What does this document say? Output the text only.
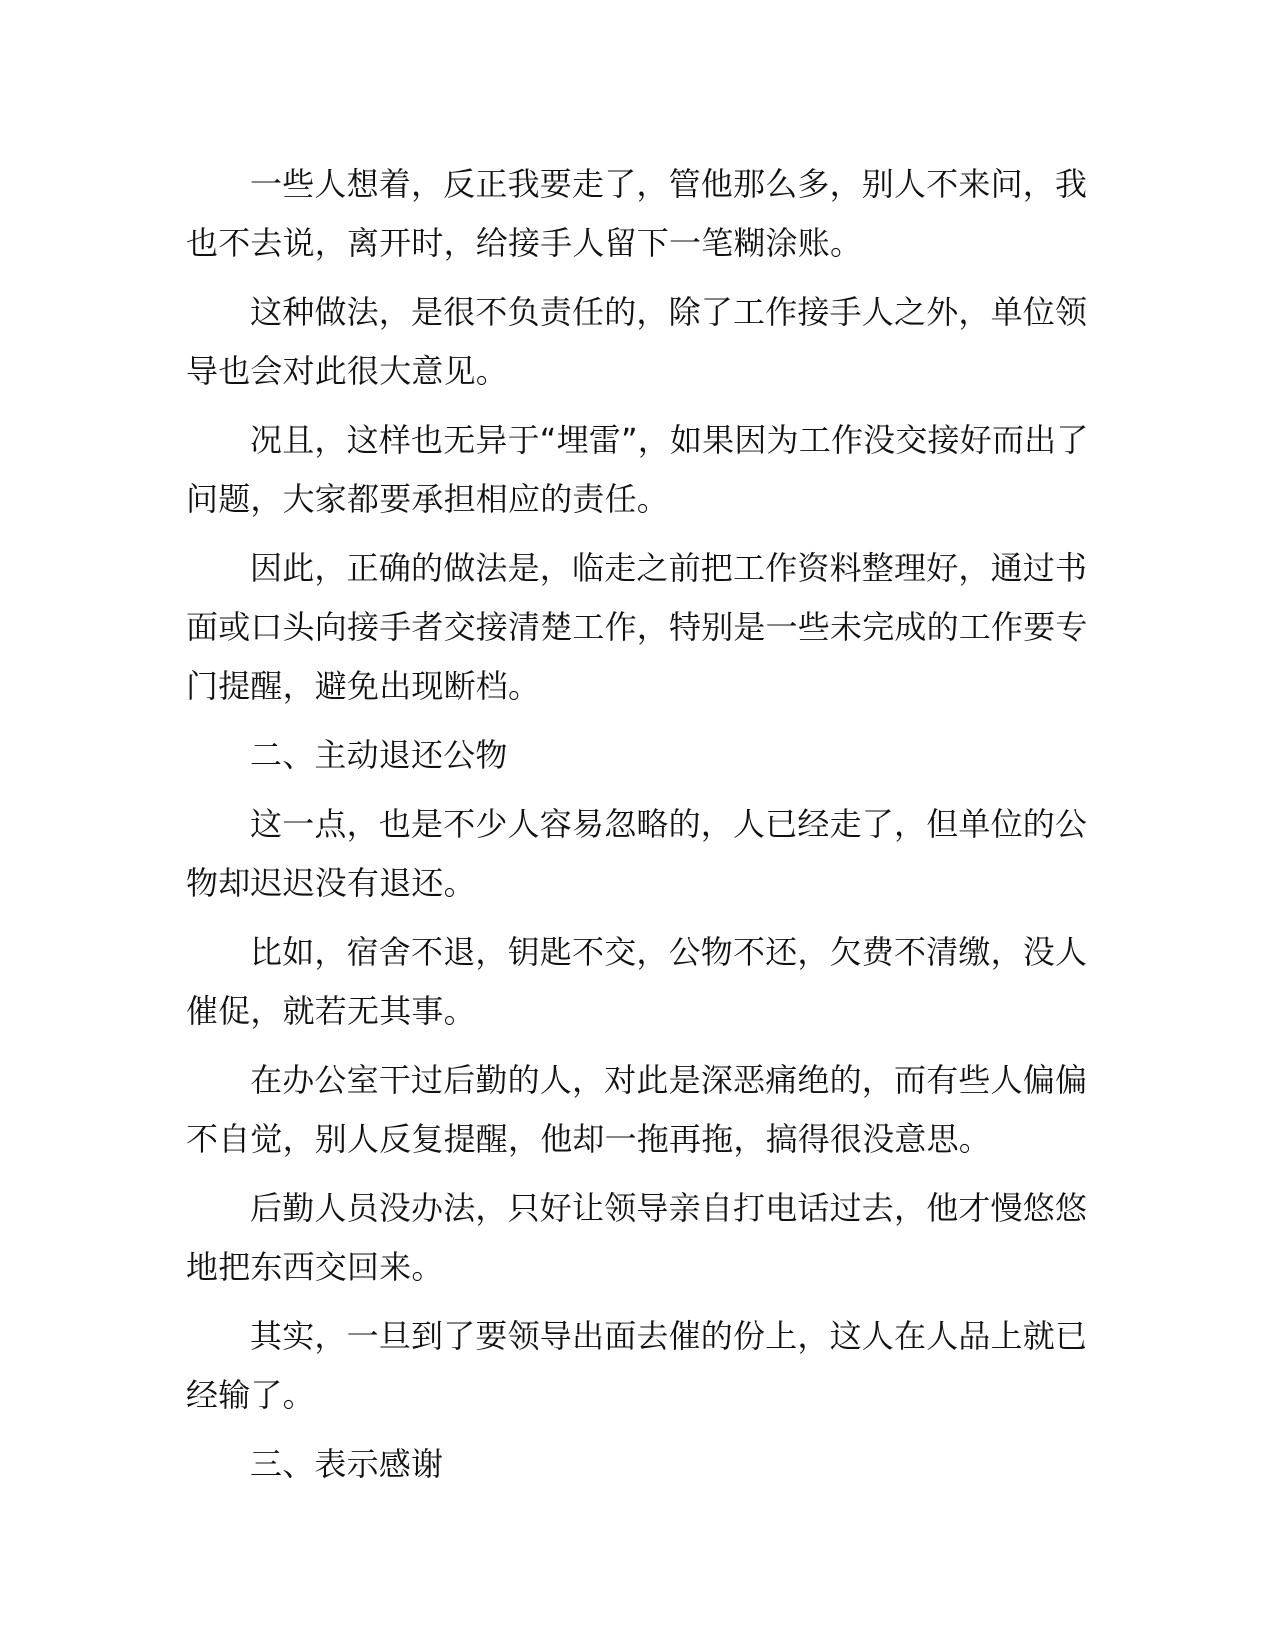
一些人想着，反正我要走了，管他那么多，别人不来问，我也不去说，离开时，给接手人留下一笔糊涂账。

这种做法，是很不负责任的，除了工作接手人之外，单位领导也会对此很大意见。

况且，这样也无异于“埋雷”，如果因为工作没交接好而出了问题，大家都要承担相应的责任。

因此，正确的做法是，临走之前把工作资料整理好，通过书面或口头向接手者交接清楚工作，特别是一些未完成的工作要专门提醒，避免出现断档。

二、主动退还公物

这一点，也是不少人容易忽略的，人已经走了，但单位的公物却迟迟没有退还。

比如，宿舍不退，钥匙不交，公物不还，欠费不清缴，没人催促，就若无其事。

在办公室干过后勤的人，对此是深恶痛绝的，而有些人偏偏不自觉，别人反复提醒，他却一拖再拖，搞得很没意思。

后勤人员没办法，只好让领导亲自打电话过去，他才慢悠悠地把东西交回来。

其实，一旦到了要领导出面去催的份上，这人在人品上就已经输了。

三、表示感谢
